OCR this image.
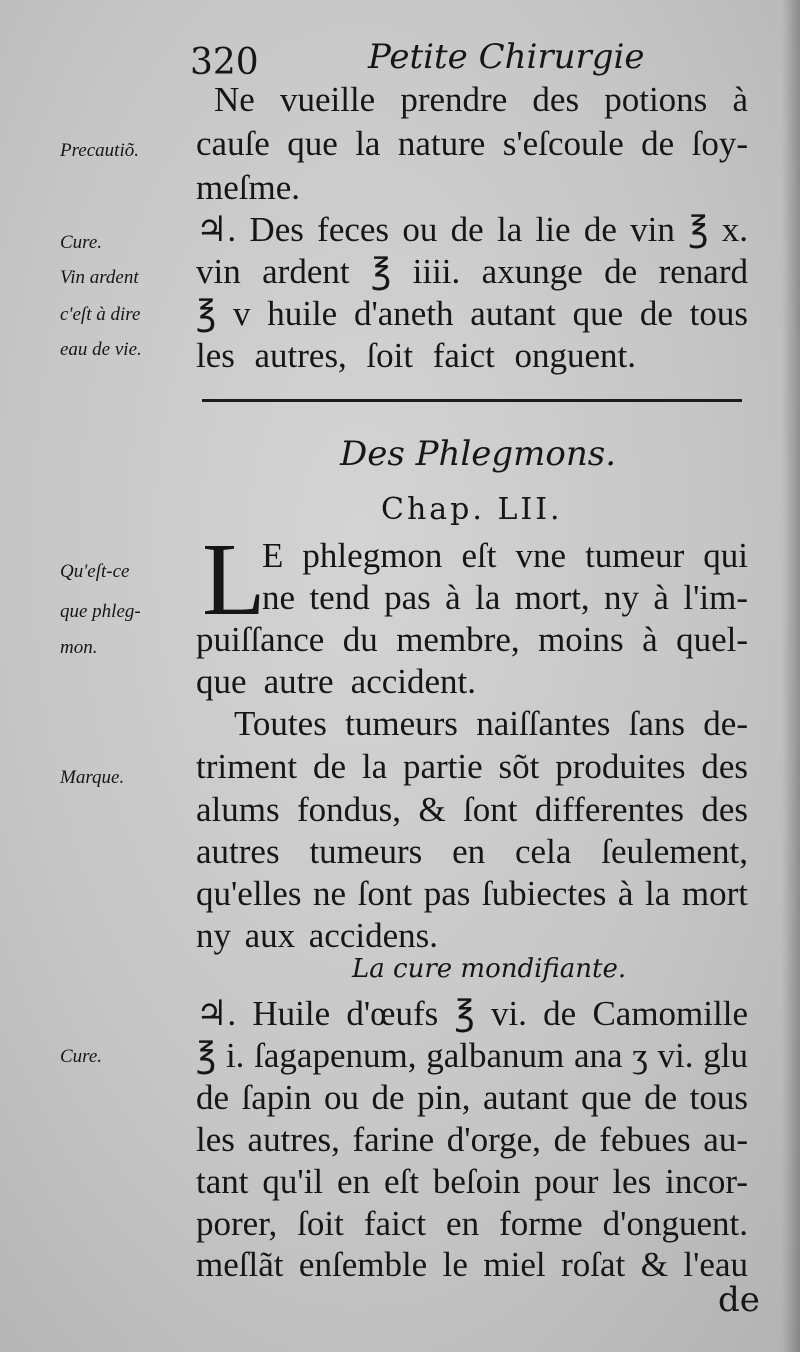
320	Petite Chirurgie
Ne vueille prendre des potions à
cauſe que la nature s'eſcoule de ſoy-
meſme.
♃. Des feces ou de la lie de vin ℥ x.
vin ardent ℥ iiii. axunge de renard
℥ v huile d'aneth autant que de tous
les autres, ſoit faict onguent.
Precautiõ.
Cure.
Vin ardent
c'eſt à dire
eau de vie.
Des Phlegmons.
Chap. LII.
L
E phlegmon eſt vne tumeur qui
ne tend pas à la mort, ny à l'im-
puiſſance du membre, moins à quel-
que autre accident.
Toutes tumeurs naiſſantes ſans de-
triment de la partie sõt produites des
alums fondus, & ſont differentes des
autres tumeurs en cela ſeulement,
qu'elles ne ſont pas ſubiectes à la mort
ny aux accidens.
Qu'eſt-ce
que phleg-
mon.
Marque.
La cure mondifiante.
♃. Huile d'œufs ℥ vi. de Camomille
℥ i. ſagapenum, galbanum ana ʒ vi. glu
de ſapin ou de pin, autant que de tous
les autres, farine d'orge, de febues au-
tant qu'il en eſt beſoin pour les incor-
porer, ſoit faict en forme d'onguent.
meſlãt enſemble le miel roſat & l'eau
Cure.
de
